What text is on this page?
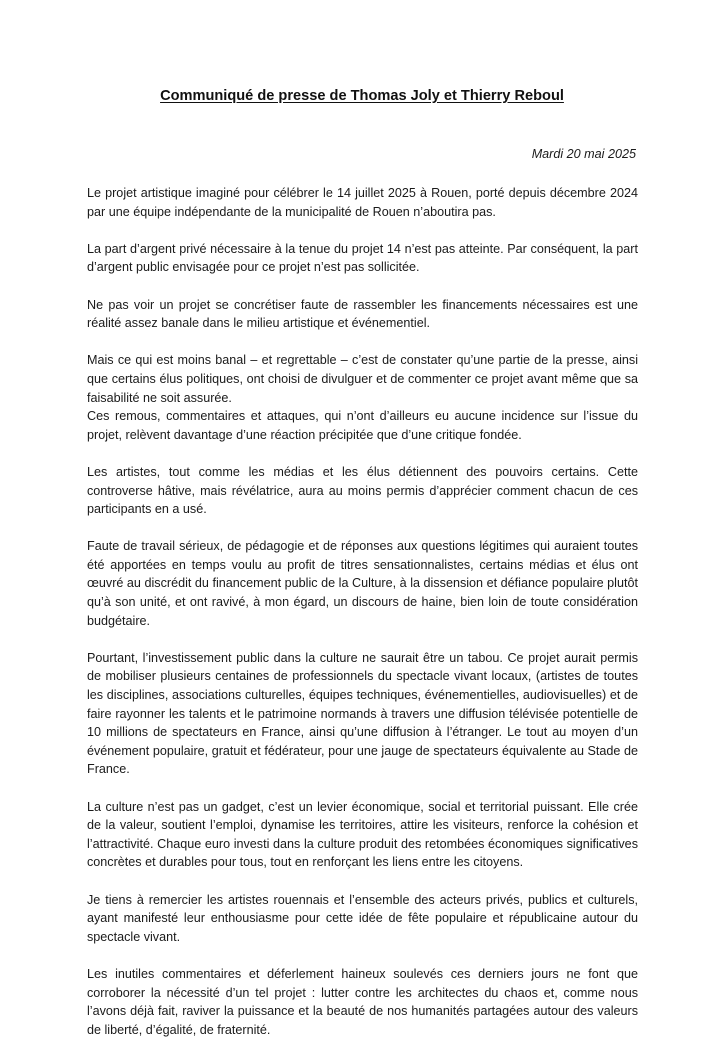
Communiqué de presse de Thomas Joly et Thierry Reboul
Mardi 20 mai 2025

Le projet artistique imaginé pour célébrer le 14 juillet 2025 à Rouen, porté depuis décembre 2024 par une équipe indépendante de la municipalité de Rouen n’aboutira pas.

La part d’argent privé nécessaire à la tenue du projet 14 n’est pas atteinte. Par conséquent, la part d’argent public envisagée pour ce projet n’est pas sollicitée.

Ne pas voir un projet se concrétiser faute de rassembler les financements nécessaires est une réalité assez banale dans le milieu artistique et événementiel.

Mais ce qui est moins banal – et regrettable – c’est de constater qu’une partie de la presse, ainsi que certains élus politiques, ont choisi de divulguer et de commenter ce projet avant même que sa faisabilité ne soit assurée.

Ces remous, commentaires et attaques, qui n’ont d’ailleurs eu aucune incidence sur l’issue du projet, relèvent davantage d’une réaction précipitée que d’une critique fondée.

Les artistes, tout comme les médias et les élus détiennent des pouvoirs certains. Cette controverse hâtive, mais révélatrice, aura au moins permis d’apprécier comment chacun de ces participants en a usé.

Faute de travail sérieux, de pédagogie et de réponses aux questions légitimes qui auraient toutes été apportées en temps voulu au profit de titres sensationnalistes, certains médias et élus ont œuvré au discrédit du financement public de la Culture, à la dissension et défiance populaire plutôt qu’à son unité, et ont ravivé, à mon égard, un discours de haine, bien loin de toute considération budgétaire.

Pourtant, l’investissement public dans la culture ne saurait être un tabou. Ce projet aurait permis de mobiliser plusieurs centaines de professionnels du spectacle vivant locaux, (artistes de toutes les disciplines, associations culturelles, équipes techniques, événementielles, audiovisuelles) et de faire rayonner les talents et le patrimoine normands à travers une diffusion télévisée potentielle de 10 millions de spectateurs en France, ainsi qu’une diffusion à l’étranger. Le tout au moyen d’un événement populaire, gratuit et fédérateur, pour une jauge de spectateurs équivalente au Stade de France.

La culture n’est pas un gadget, c’est un levier économique, social et territorial puissant. Elle crée de la valeur, soutient l’emploi, dynamise les territoires, attire les visiteurs, renforce la cohésion et l’attractivité. Chaque euro investi dans la culture produit des retombées économiques significatives concrètes et durables pour tous, tout en renforçant les liens entre les citoyens.

Je tiens à remercier les artistes rouennais et l’ensemble des acteurs privés, publics et culturels, ayant manifesté leur enthousiasme pour cette idée de fête populaire et républicaine autour du spectacle vivant.

Les inutiles commentaires et déferlement haineux soulevés ces derniers jours ne font que corroborer la nécessité d’un tel projet : lutter contre les architectes du chaos et, comme nous l’avons déjà fait, raviver la puissance et la beauté de nos humanités partagées autour des valeurs de liberté, d’égalité, de fraternité.
